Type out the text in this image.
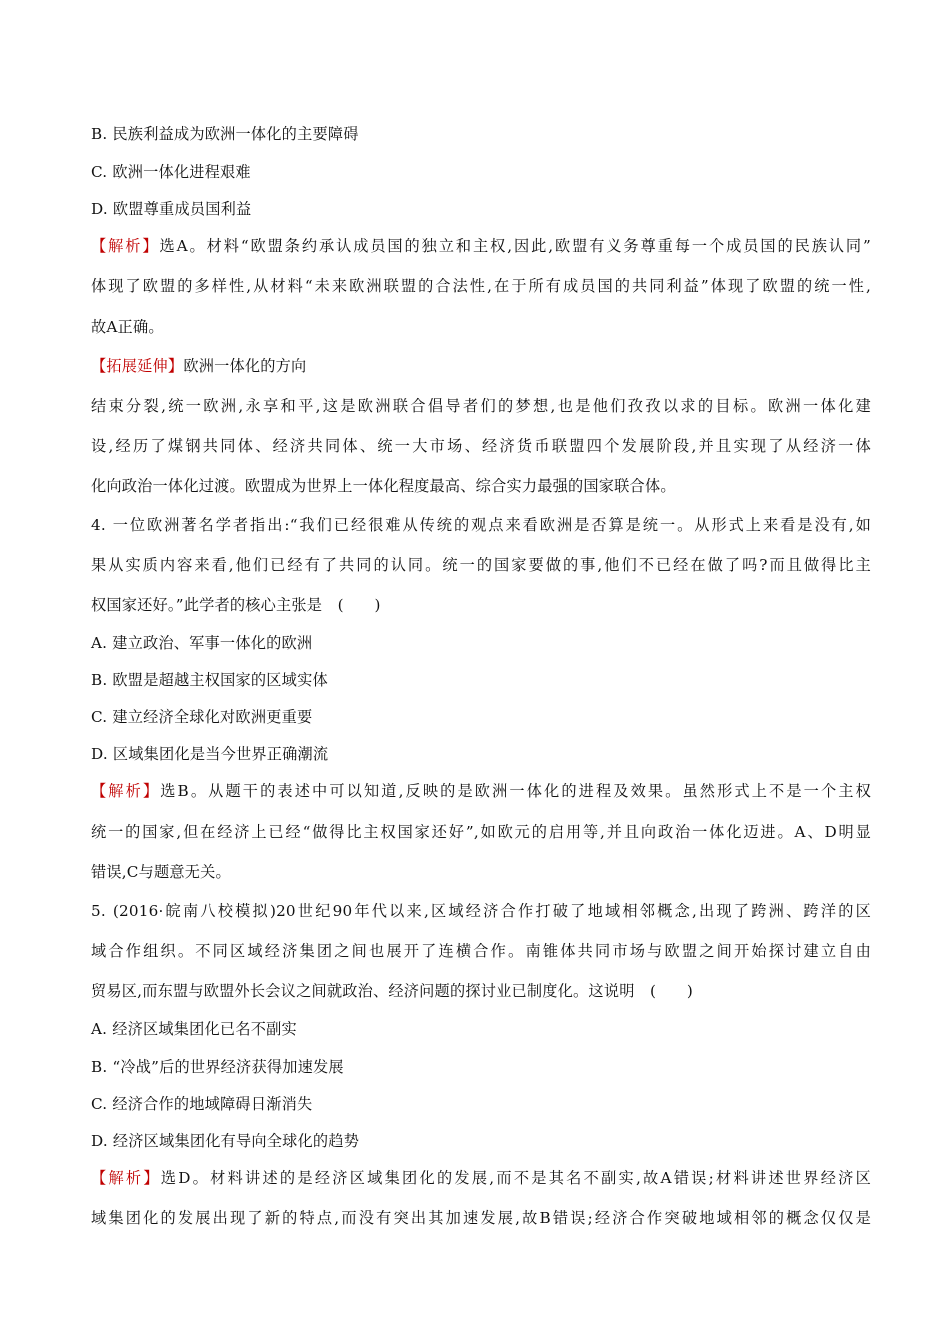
B. 民族利益成为欧洲一体化的主要障碍
C. 欧洲一体化进程艰难
D. 欧盟尊重成员国利益
【解析】选A。材料“欧盟条约承认成员国的独立和主权,因此,欧盟有义务尊重每一个成员国的民族认同”
体现了欧盟的多样性,从材料“未来欧洲联盟的合法性,在于所有成员国的共同利益”体现了欧盟的统一性,
故A正确。
【拓展延伸】欧洲一体化的方向
结束分裂,统一欧洲,永享和平,这是欧洲联合倡导者们的梦想,也是他们孜孜以求的目标。欧洲一体化建
设,经历了煤钢共同体、经济共同体、统一大市场、经济货币联盟四个发展阶段,并且实现了从经济一体
化向政治一体化过渡。欧盟成为世界上一体化程度最高、综合实力最强的国家联合体。
4. 一位欧洲著名学者指出:“我们已经很难从传统的观点来看欧洲是否算是统一。从形式上来看是没有,如
果从实质内容来看,他们已经有了共同的认同。统一的国家要做的事,他们不已经在做了吗?而且做得比主
权国家还好。”此学者的核心主张是　(　　)
A. 建立政治、军事一体化的欧洲
B. 欧盟是超越主权国家的区域实体
C. 建立经济全球化对欧洲更重要
D. 区域集团化是当今世界正确潮流
【解析】选B。从题干的表述中可以知道,反映的是欧洲一体化的进程及效果。虽然形式上不是一个主权
统一的国家,但在经济上已经“做得比主权国家还好”,如欧元的启用等,并且向政治一体化迈进。A、D明显
错误,C与题意无关。
5. (2016·皖南八校模拟)20世纪90年代以来,区域经济合作打破了地域相邻概念,出现了跨洲、跨洋的区
域合作组织。不同区域经济集团之间也展开了连横合作。南锥体共同市场与欧盟之间开始探讨建立自由
贸易区,而东盟与欧盟外长会议之间就政治、经济问题的探讨业已制度化。这说明　(　　)
A. 经济区域集团化已名不副实
B. “冷战”后的世界经济获得加速发展
C. 经济合作的地域障碍日渐消失
D. 经济区域集团化有导向全球化的趋势
【解析】选D。材料讲述的是经济区域集团化的发展,而不是其名不副实,故A错误;材料讲述世界经济区
域集团化的发展出现了新的特点,而没有突出其加速发展,故B错误;经济合作突破地域相邻的概念仅仅是
